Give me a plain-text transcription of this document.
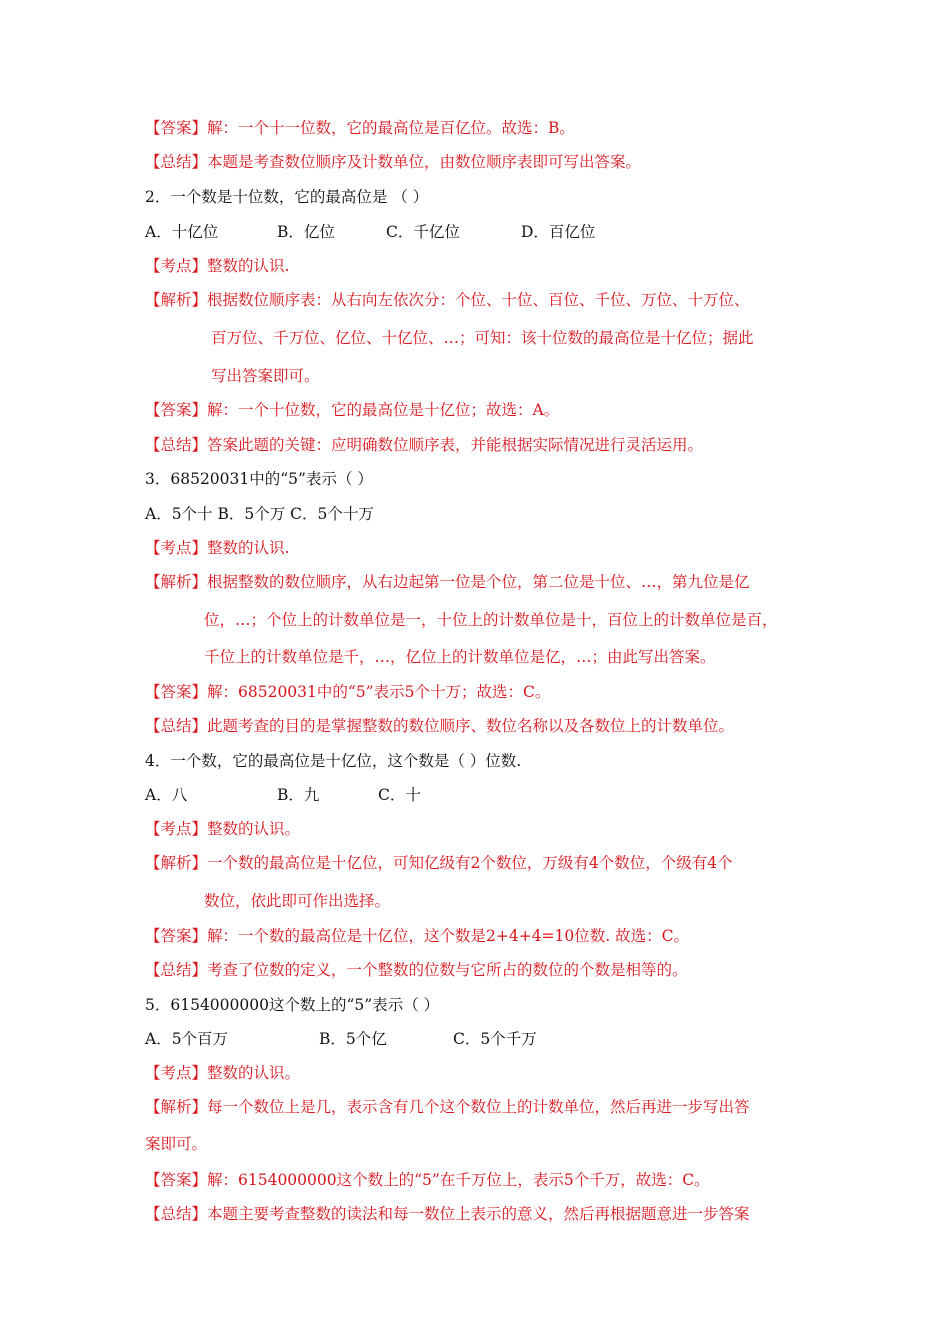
【答案】解：一个十一位数，它的最高位是百亿位。故选：B。
【总结】本题是考查数位顺序及计数单位，由数位顺序表即可写出答案。
2．一个数是十位数，它的最高位是 （ ）
A．十亿位	B．亿位	C．千亿位	D．百亿位
【考点】整数的认识.
【解析】根据数位顺序表：从右向左依次分：个位、十位、百位、千位、万位、十万位、
百万位、千万位、亿位、十亿位、…；可知：该十位数的最高位是十亿位；据此
写出答案即可。
【答案】解：一个十位数，它的最高位是十亿位；故选：A。
【总结】答案此题的关键：应明确数位顺序表，并能根据实际情况进行灵活运用。
3．68520031中的“5”表示（ ）
A．5个十 B．5个万 C．5个十万
【考点】整数的认识.
【解析】根据整数的数位顺序，从右边起第一位是个位，第二位是十位、…，第九位是亿
位，…；个位上的计数单位是一，十位上的计数单位是十，百位上的计数单位是百，
千位上的计数单位是千，…，亿位上的计数单位是亿，…；由此写出答案。
【答案】解：68520031中的“5”表示5个十万；故选：C。
【总结】此题考查的目的是掌握整数的数位顺序、数位名称以及各数位上的计数单位。
4．一个数，它的最高位是十亿位，这个数是（ ）位数.
A．八	B．九	C．十
【考点】整数的认识。
【解析】一个数的最高位是十亿位，可知亿级有2个数位，万级有4个数位，个级有4个
数位，依此即可作出选择。
【答案】解：一个数的最高位是十亿位，这个数是2+4+4=10位数. 故选：C。
【总结】考查了位数的定义，一个整数的位数与它所占的数位的个数是相等的。
5．6154000000这个数上的“5”表示（ ）
A．5个百万	B．5个亿	C．5个千万
【考点】整数的认识。
【解析】每一个数位上是几，表示含有几个这个数位上的计数单位，然后再进一步写出答
案即可。
【答案】解：6154000000这个数上的“5”在千万位上，表示5个千万，故选：C。
【总结】本题主要考查整数的读法和每一数位上表示的意义，然后再根据题意进一步答案
